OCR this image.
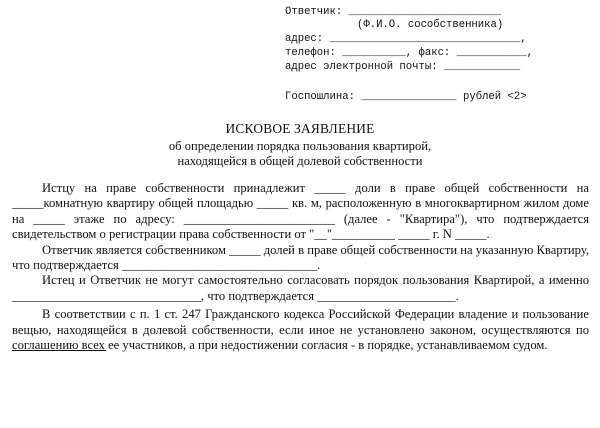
Ответчик: ________________________
(Ф.И.О. сособственника)
адрес: ______________________________,
телефон: __________, факс: ___________,
адрес электронной почты: ____________
Госпошлина: _______________ рублей <2>
ИСКОВОЕ ЗАЯВЛЕНИЕ
об определении порядка пользования квартирой,
находящейся в общей долевой собственности

Истцу на праве собственности принадлежит _____ доли в праве общей собственности на _____комнатную квартиру общей площадью _____ кв. м, расположенную в многоквартирном жилом доме на _____ этаже по адресу: ________________________ (далее - "Квартира"), что подтверждается свидетельством о регистрации права собственности от "__"__________ _____ г. N _____.

Ответчик является собственником _____ долей в праве общей собственности на указанную Квартиру, что подтверждается _______________________________.

Истец и Ответчик не могут самостоятельно согласовать порядок пользования Квартирой, а именно ______________________________, что подтверждается ______________________.

В соответствии с п. 1 ст. 247 Гражданского кодекса Российской Федерации владение и пользование вещью, находящейся в долевой собственности, если иное не установлено законом, осуществляются по соглашению всех ее участников, а при недостижении согласия - в порядке, устанавливаемом судом.
